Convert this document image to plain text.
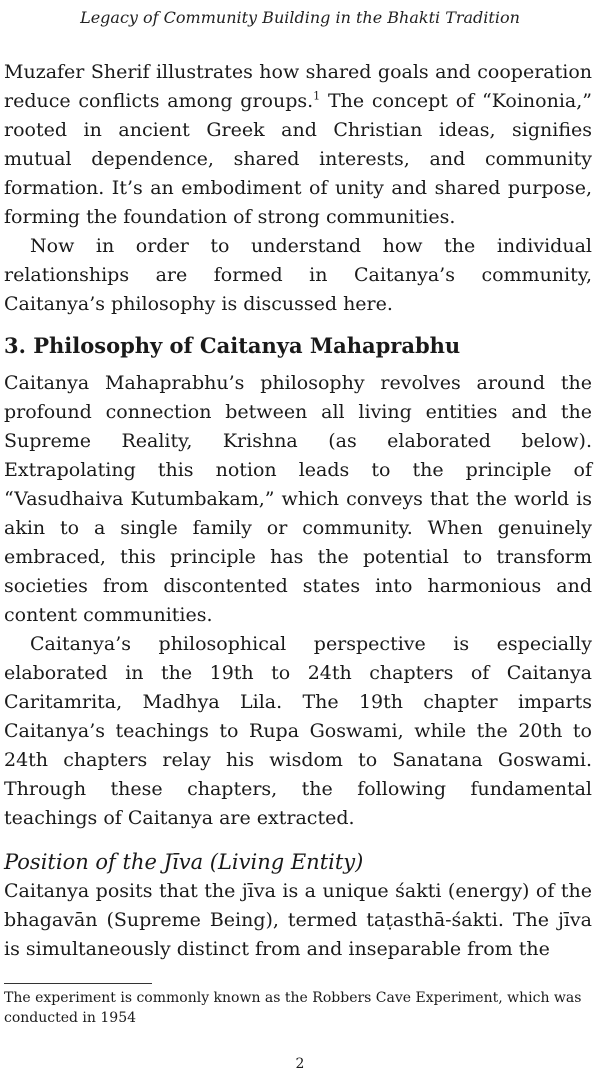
Legacy of Community Building in the Bhakti Tradition

Muzafer Sherif illustrates how shared goals and cooperation reduce conflicts among groups.$^1$ The concept of “Koinonia,” rooted in ancient Greek and Christian ideas, signifies mutual dependence, shared interests, and community formation. It’s an embodiment of unity and shared purpose, forming the foundation of strong communities.

Now in order to understand how the individual relationships are formed in Caitanya’s community, Caitanya’s philosophy is discussed here.

3. Philosophy of Caitanya Mahaprabhu

Caitanya Mahaprabhu’s philosophy revolves around the profound connection between all living entities and the Supreme Reality, Krishna (as elaborated below). Extrapolating this notion leads to the principle of “Vasudhaiva Kutumbakam,” which conveys that the world is akin to a single family or community. When genuinely embraced, this principle has the potential to transform societies from discontented states into harmonious and content communities.

Caitanya’s philosophical perspective is especially elaborated in the 19th to 24th chapters of Caitanya Caritamrita, Madhya Lila. The 19th chapter imparts Caitanya’s teachings to Rupa Goswami, while the 20th to 24th chapters relay his wisdom to Sanatana Goswami. Through these chapters, the following fundamental teachings of Caitanya are extracted.

Position of the Jīva (Living Entity)

Caitanya posits that the jīva is a unique śakti (energy) of the bhagavān (Supreme Being), termed taṭasthā-śakti. The jīva is simultaneously distinct from and inseparable from the

The experiment is commonly known as the Robbers Cave Experiment, which was conducted in 1954
2
